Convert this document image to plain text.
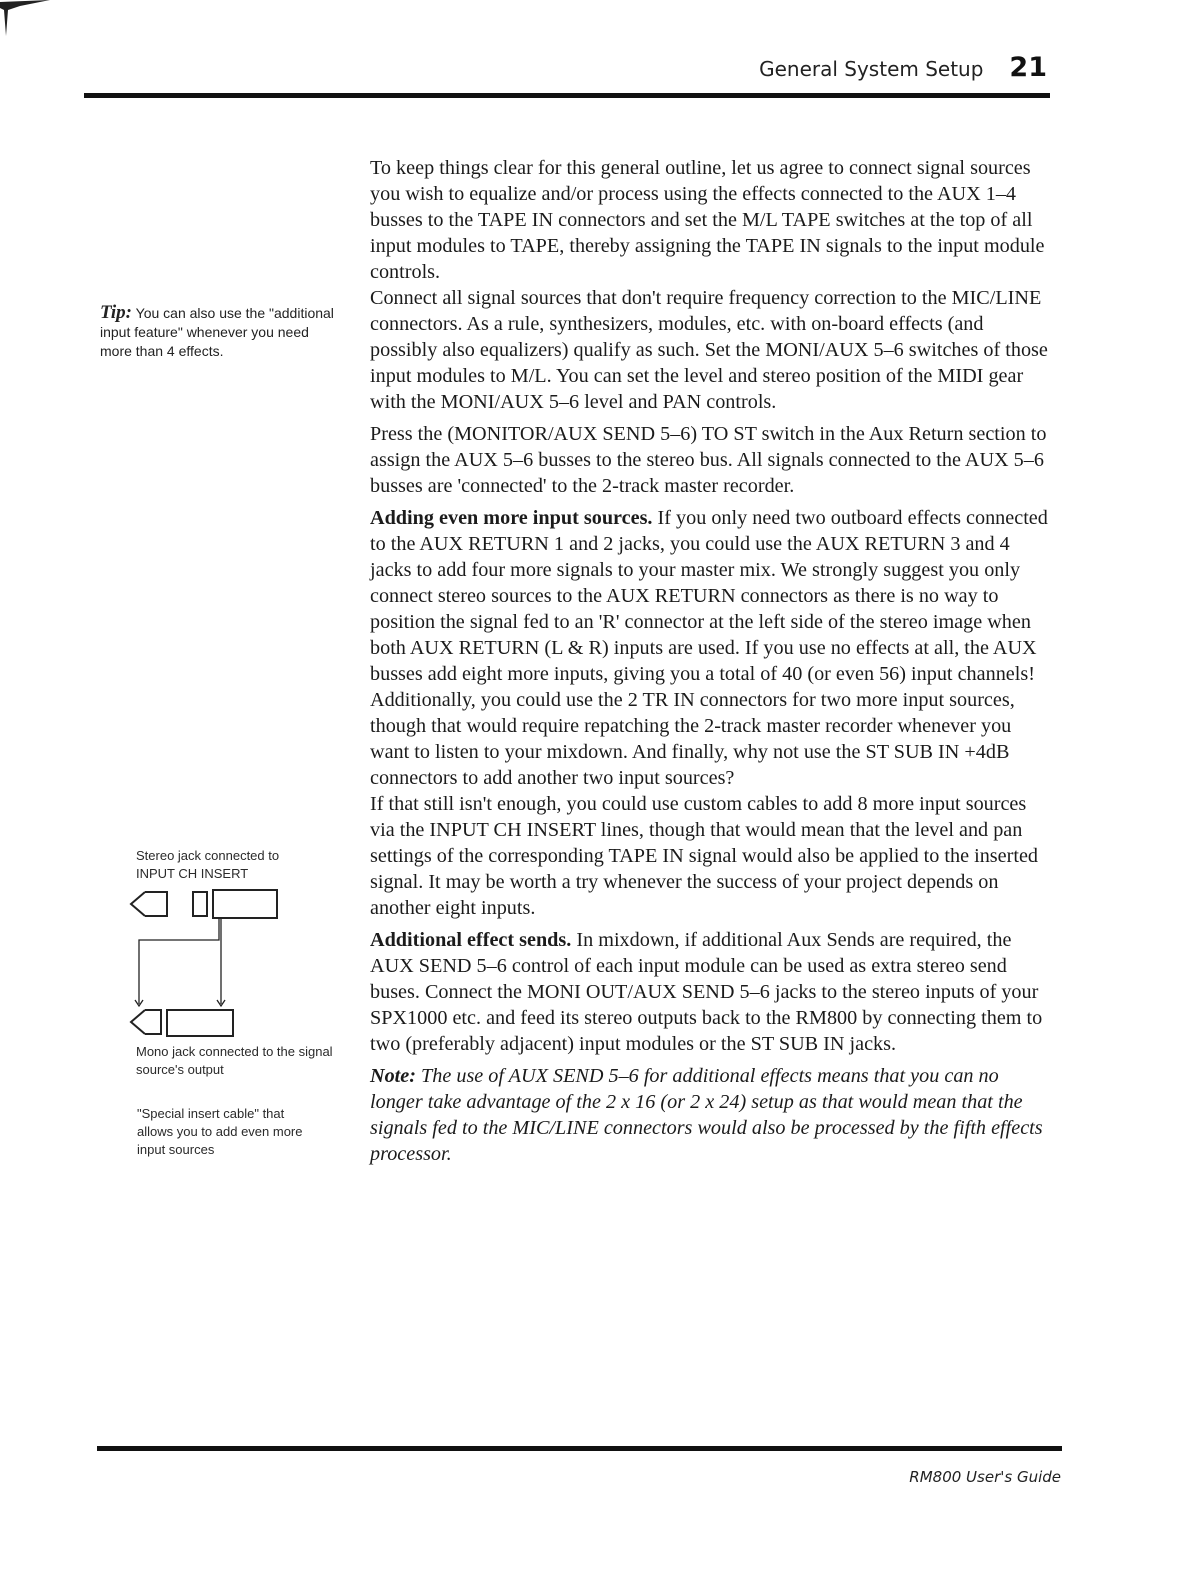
General System Setup 21
Tip: You can also use the "additional input feature" whenever you need more than 4 effects.
Stereo jack connected to INPUT CH INSERT
Mono jack connected to the signal source's output
"Special insert cable" that allows you to add even more input sources

To keep things clear for this general outline, let us agree to connect signal sources you wish to equalize and/or process using the effects connected to the AUX 1–4 busses to the TAPE IN connectors and set the M/L TAPE switches at the top of all input modules to TAPE, thereby assigning the TAPE IN signals to the input module controls.

Connect all signal sources that don't require frequency correction to the MIC/LINE connectors. As a rule, synthesizers, modules, etc. with on-board effects (and possibly also equalizers) qualify as such. Set the MONI/AUX 5–6 switches of those input modules to M/L. You can set the level and stereo position of the MIDI gear with the MONI/AUX 5–6 level and PAN controls.

Press the (MONITOR/AUX SEND 5–6) TO ST switch in the Aux Return section to assign the AUX 5–6 busses to the stereo bus. All signals connected to the AUX 5–6 busses are 'connected' to the 2-track master recorder.

Adding even more input sources. If you only need two outboard effects connected to the AUX RETURN 1 and 2 jacks, you could use the AUX RETURN 3 and 4 jacks to add four more signals to your master mix. We strongly suggest you only connect stereo sources to the AUX RETURN connectors as there is no way to position the signal fed to an 'R' connector at the left side of the stereo image when both AUX RETURN (L & R) inputs are used. If you use no effects at all, the AUX busses add eight more inputs, giving you a total of 40 (or even 56) input channels!

Additionally, you could use the 2 TR IN connectors for two more input sources, though that would require repatching the 2-track master recorder whenever you want to listen to your mixdown. And finally, why not use the ST SUB IN +4dB connectors to add another two input sources?

If that still isn't enough, you could use custom cables to add 8 more input sources via the INPUT CH INSERT lines, though that would mean that the level and pan settings of the corresponding TAPE IN signal would also be applied to the inserted signal. It may be worth a try whenever the success of your project depends on another eight inputs.

Additional effect sends. In mixdown, if additional Aux Sends are required, the AUX SEND 5–6 control of each input module can be used as extra stereo send buses. Connect the MONI OUT/AUX SEND 5–6 jacks to the stereo inputs of your SPX1000 etc. and feed its stereo outputs back to the RM800 by connecting them to two (preferably adjacent) input modules or the ST SUB IN jacks.

Note: The use of AUX SEND 5–6 for additional effects means that you can no longer take advantage of the 2 x 16 (or 2 x 24) setup as that would mean that the signals fed to the MIC/LINE connectors would also be processed by the fifth effects processor.

RM800 User's Guide
